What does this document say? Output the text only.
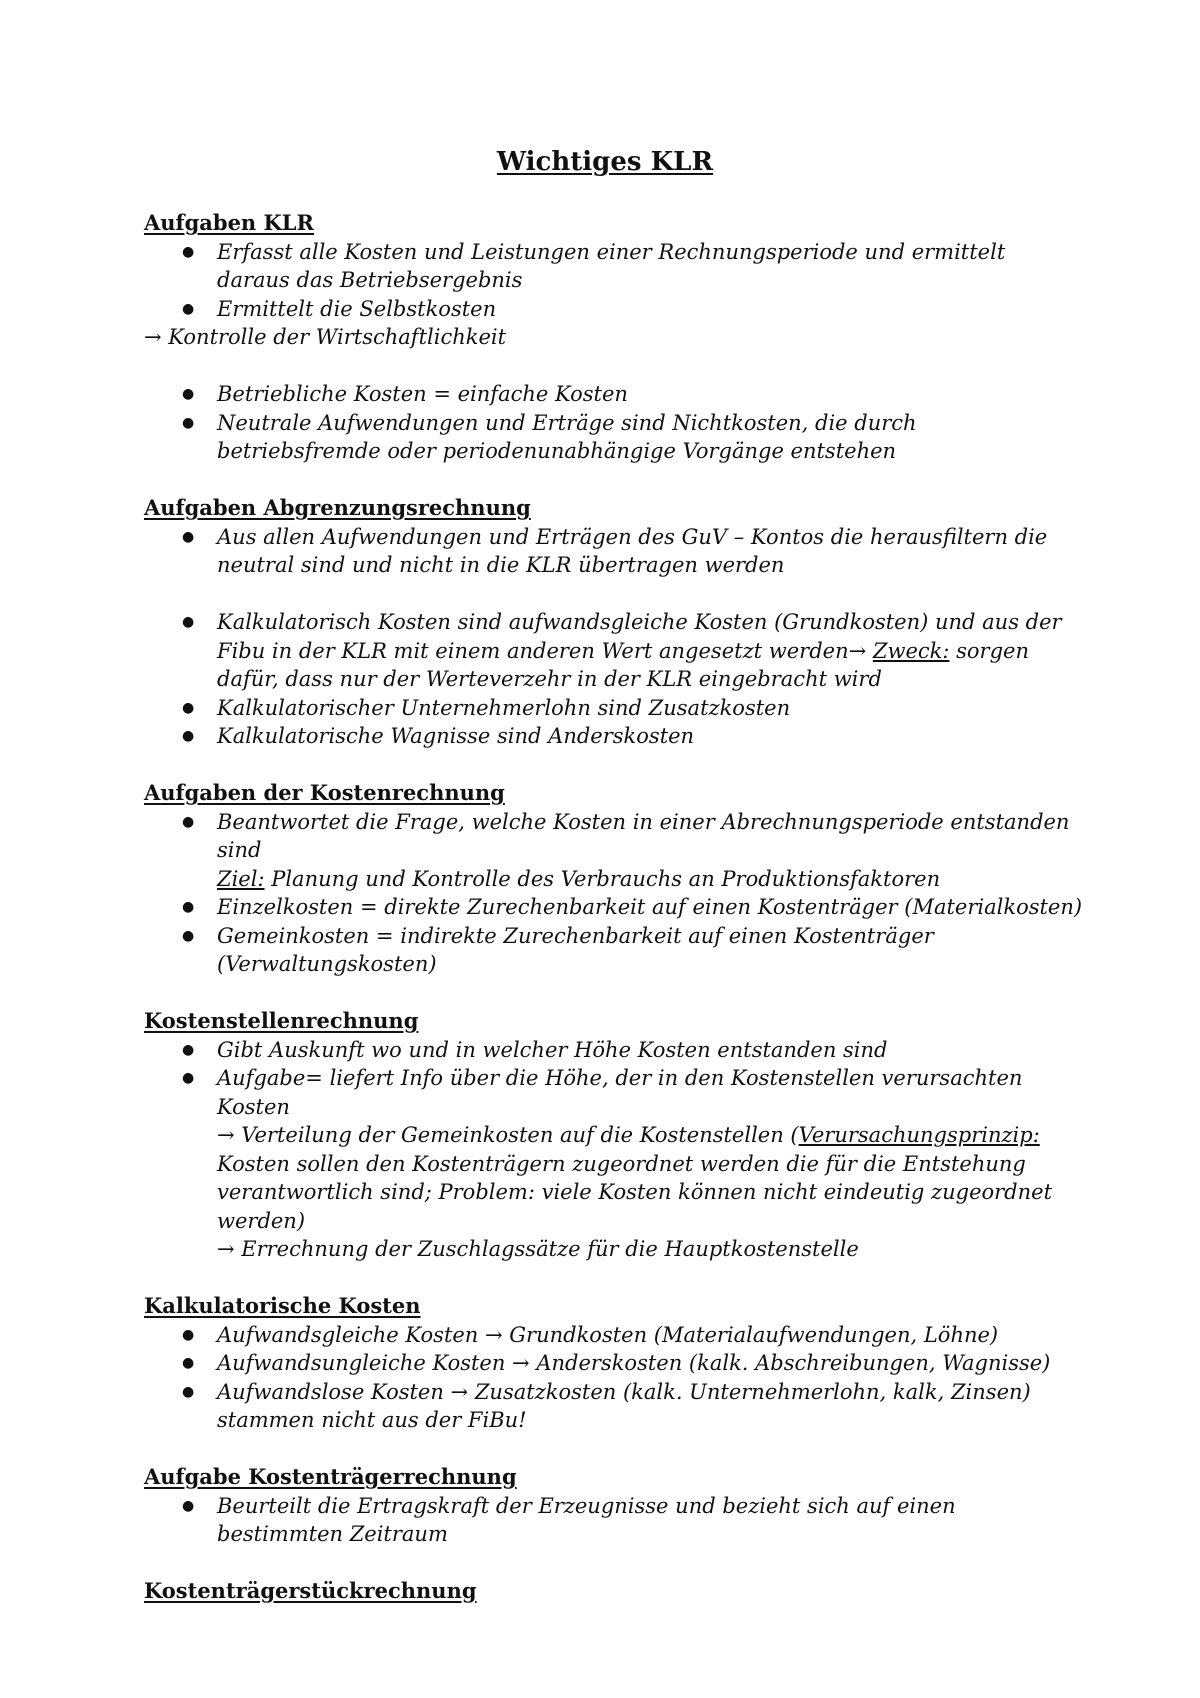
Wichtiges KLR

Aufgaben KLR

● Erfasst alle Kosten und Leistungen einer Rechnungsperiode und ermittelt daraus das Betriebsergebnis
● Ermittelt die Selbstkosten
→ Kontrolle der Wirtschaftlichkeit
● Betriebliche Kosten = einfache Kosten
● Neutrale Aufwendungen und Erträge sind Nichtkosten, die durch betriebsfremde oder periodenunabhängige Vorgänge entstehen

Aufgaben Abgrenzungsrechnung

● Aus allen Aufwendungen und Erträgen des GuV – Kontos die herausfiltern die neutral sind und nicht in die KLR übertragen werden
● Kalkulatorisch Kosten sind aufwandsgleiche Kosten (Grundkosten) und aus der Fibu in der KLR mit einem anderen Wert angesetzt werden→ Zweck: sorgen dafür, dass nur der Werteverzehr in der KLR eingebracht wird
● Kalkulatorischer Unternehmerlohn sind Zusatzkosten
● Kalkulatorische Wagnisse sind Anderskosten

Aufgaben der Kostenrechnung

● Beantwortet die Frage, welche Kosten in einer Abrechnungsperiode entstanden sind
Ziel: Planung und Kontrolle des Verbrauchs an Produktionsfaktoren
● Einzelkosten = direkte Zurechenbarkeit auf einen Kostenträger (Materialkosten)
● Gemeinkosten = indirekte Zurechenbarkeit auf einen Kostenträger (Verwaltungskosten)

Kostenstellenrechnung

● Gibt Auskunft wo und in welcher Höhe Kosten entstanden sind
● Aufgabe= liefert Info über die Höhe, der in den Kostenstellen verursachten Kosten
→ Verteilung der Gemeinkosten auf die Kostenstellen (Verursachungsprinzip: Kosten sollen den Kostenträgern zugeordnet werden die für die Entstehung verantwortlich sind; Problem: viele Kosten können nicht eindeutig zugeordnet werden)
→ Errechnung der Zuschlagssätze für die Hauptkostenstelle

Kalkulatorische Kosten

● Aufwandsgleiche Kosten → Grundkosten (Materialaufwendungen, Löhne)
● Aufwandsungleiche Kosten → Anderskosten (kalk. Abschreibungen, Wagnisse)
● Aufwandslose Kosten → Zusatzkosten (kalk. Unternehmerlohn, kalk, Zinsen) stammen nicht aus der FiBu!

Aufgabe Kostenträgerrechnung

● Beurteilt die Ertragskraft der Erzeugnisse und bezieht sich auf einen bestimmten Zeitraum

Kostenträgerstückrechnung
